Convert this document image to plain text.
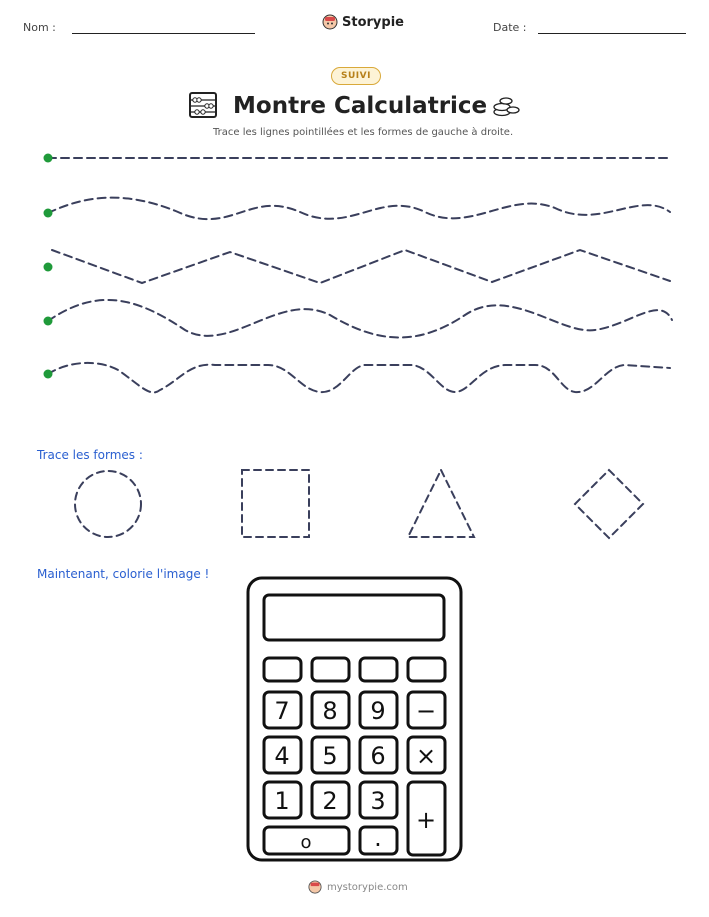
Nom :	Storypie	Date :
SUIVI
Montre Calculatrice
Trace les lignes pointillées et les formes de gauche à droite.
Trace les formes :
Maintenant, colorie l'image !
7 8 9 −
4 5 6 ×
1 2 3
+
o	.
mystorypie.com
